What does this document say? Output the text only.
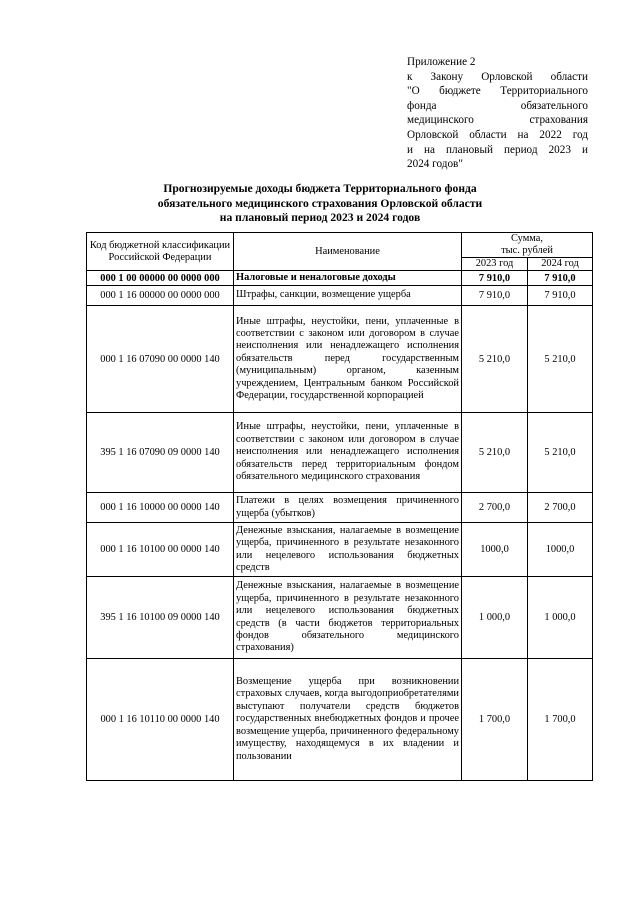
Приложение 2
к Закону Орловской области
"О бюджете Территориального
фонда обязательного
медицинского страхования
Орловской области на 2022 год
и на плановый период 2023 и
2024 годов"
Прогнозируемые доходы бюджета Территориального фонда
обязательного медицинского страхования Орловской области
на плановый период 2023 и 2024 годов
Код бюджетной классификации Российской Федерации	Наименование	Сумма,
тыс. рублей	

		2023 год	2024 год
000 1 00 00000 00 0000 000	Налоговые и неналоговые доходы	7 910,0	7 910,0
000 1 16 00000 00 0000 000	Штрафы, санкции, возмещение ущерба	7 910,0	7 910,0
000 1 16 07090 00 0000 140	Иные штрафы, неустойки, пени, уплаченные в соответствии с законом или договором в случае неисполнения или ненадлежащего исполнения обязательств перед государственным (муниципальным) органом, казенным учреждением, Центральным банком Российской Федерации, государственной корпорацией	5 210,0	5 210,0
395 1 16 07090 09 0000 140	Иные штрафы, неустойки, пени, уплаченные в соответствии с законом или договором в случае неисполнения или ненадлежащего исполнения обязательств перед территориальным фондом обязательного медицинского страхования	5 210,0	5 210,0
000 1 16 10000 00 0000 140	Платежи в целях возмещения причиненного ущерба (убытков)	2 700,0	2 700,0
000 1 16 10100 00 0000 140	Денежные взыскания, налагаемые в возмещение ущерба, причиненного в результате незаконного или нецелевого использования бюджетных средств	1000,0	1000,0
395 1 16 10100 09 0000 140	Денежные взыскания, налагаемые в возмещение ущерба, причиненного в результате незаконного или нецелевого использования бюджетных средств (в части бюджетов территориальных фондов обязательного медицинского страхования)	1 000,0	1 000,0
000 1 16 10110 00 0000 140	Возмещение ущерба при возникновении страховых случаев, когда выгодоприобретателями выступают получатели средств бюджетов государственных внебюджетных фондов и прочее возмещение ущерба, причиненного федеральному имуществу, находящемуся в их владении и пользовании	1 700,0	1 700,0
